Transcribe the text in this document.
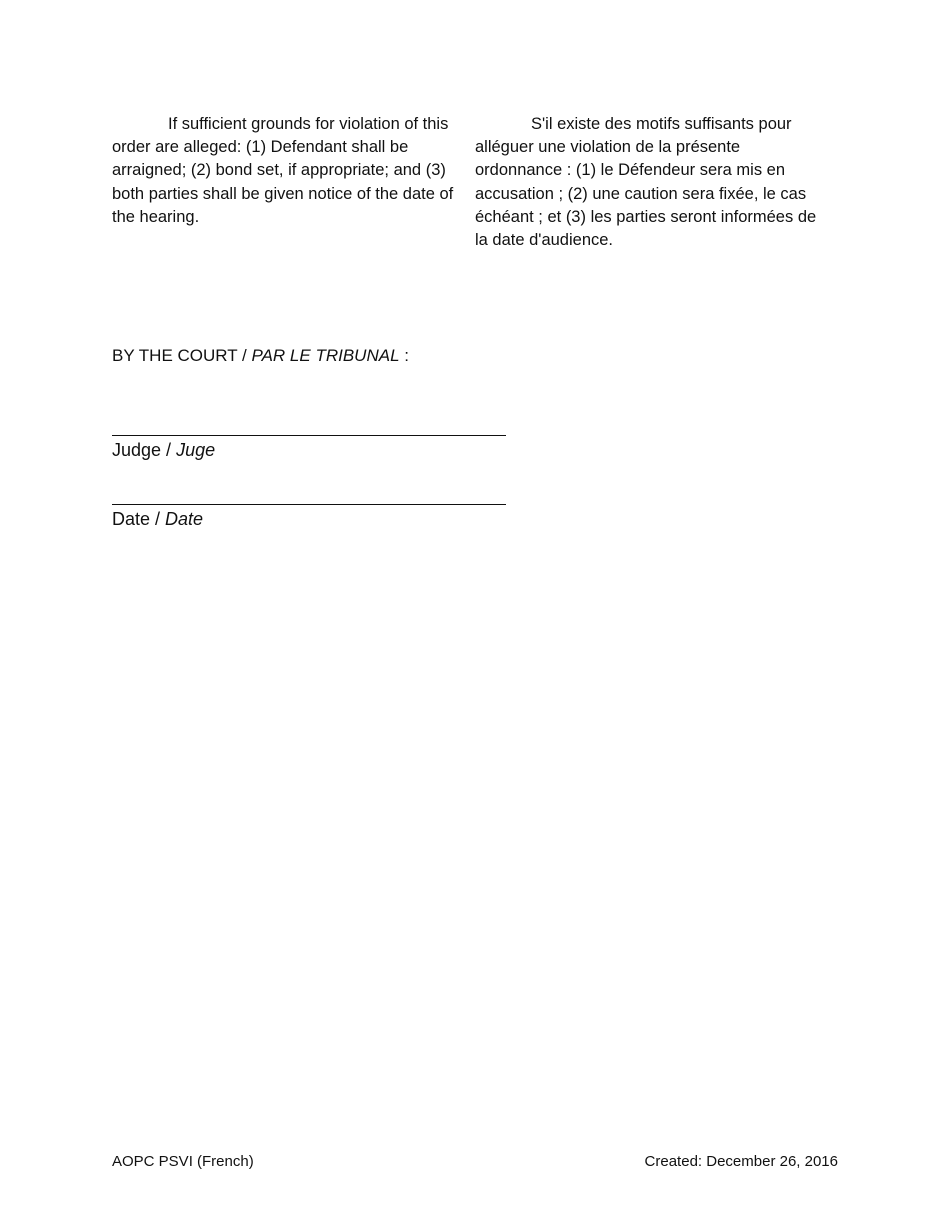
If sufficient grounds for violation of this order are alleged: (1) Defendant shall be arraigned; (2) bond set, if appropriate; and (3) both parties shall be given notice of the date of the hearing.

S'il existe des motifs suffisants pour alléguer une violation de la présente ordonnance : (1) le Défendeur sera mis en accusation ; (2) une caution sera fixée, le cas échéant ; et (3) les parties seront informées de la date d'audience.

BY THE COURT / PAR LE TRIBUNAL :
Judge / Juge
Date / Date
AOPC PSVI (French)	Created: December 26, 2016
